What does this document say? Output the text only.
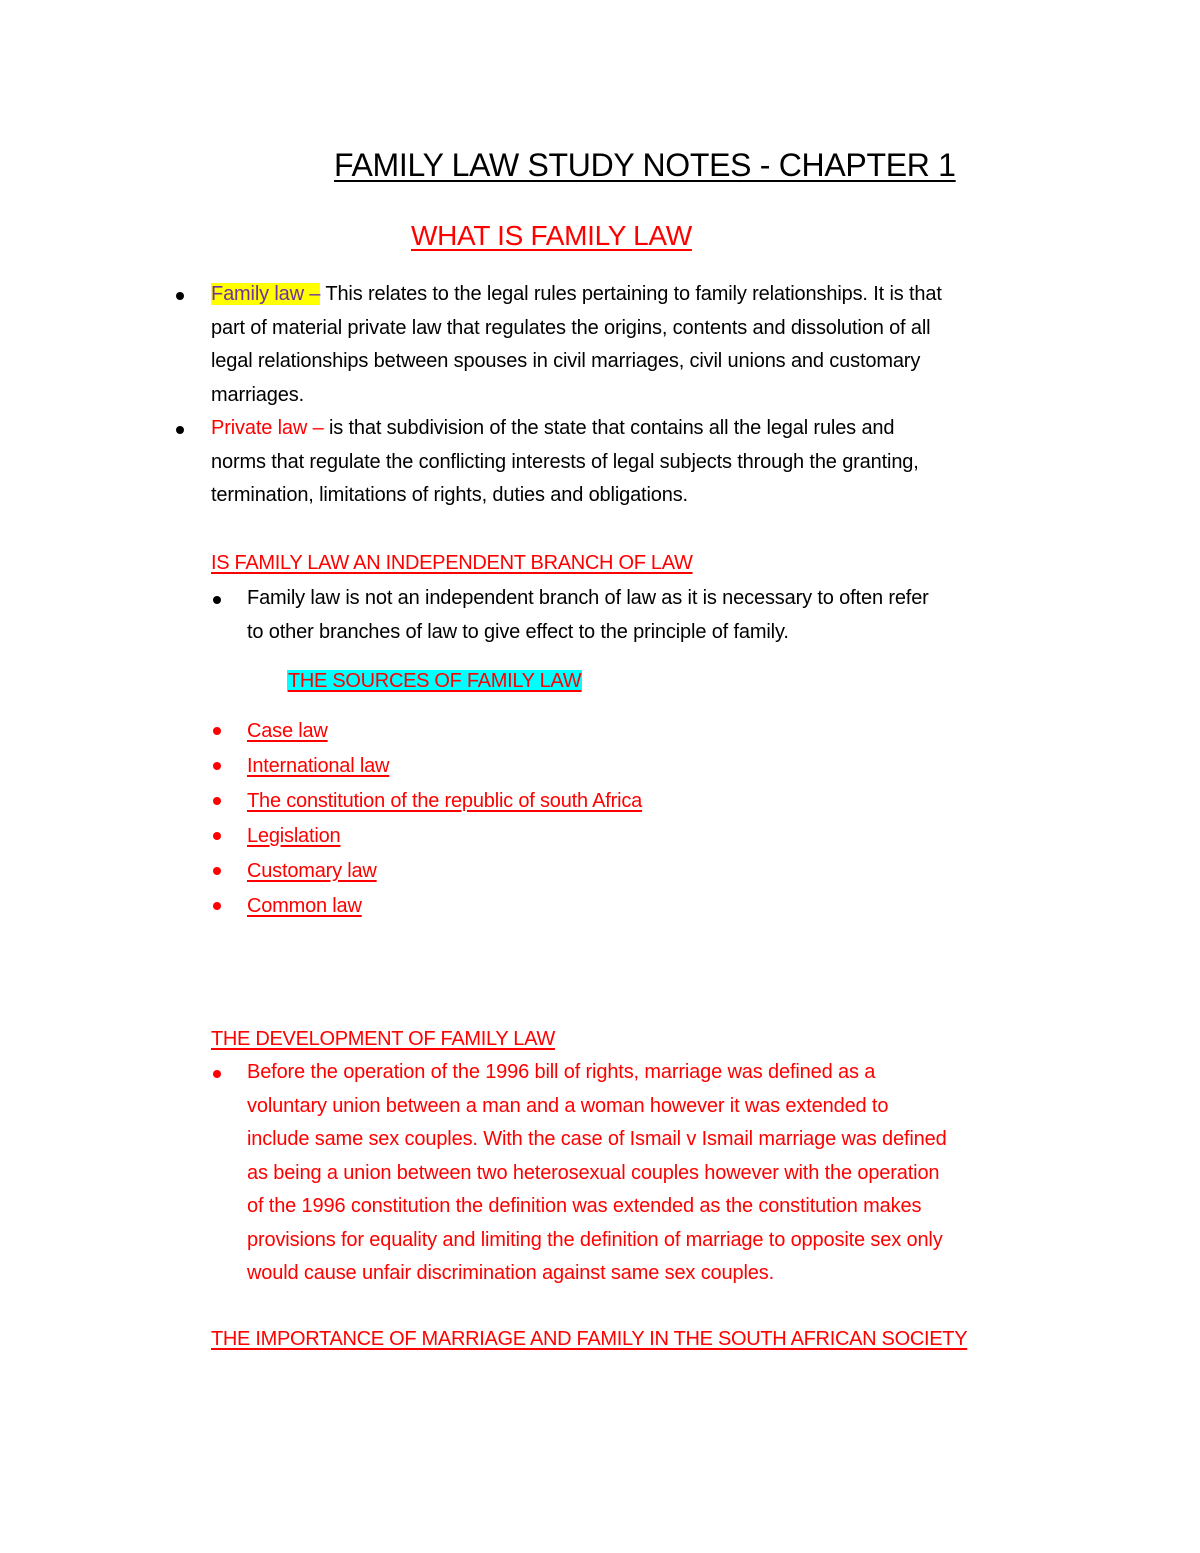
FAMILY LAW STUDY NOTES - CHAPTER 1
WHAT IS FAMILY LAW
Family law – This relates to the legal rules pertaining to family relationships. It is that
part of material private law that regulates the origins, contents and dissolution of all
legal relationships between spouses in civil marriages, civil unions and customary
marriages.
Private law – is that subdivision of the state that contains all the legal rules and
norms that regulate the conflicting interests of legal subjects through the granting,
termination, limitations of rights, duties and obligations.
IS FAMILY LAW AN INDEPENDENT BRANCH OF LAW
Family law is not an independent branch of law as it is necessary to often refer
to other branches of law to give effect to the principle of family.
THE SOURCES OF FAMILY LAW
Case law
International law
The constitution of the republic of south Africa
Legislation
Customary law
Common law
THE DEVELOPMENT OF FAMILY LAW
Before the operation of the 1996 bill of rights, marriage was defined as a
voluntary union between a man and a woman however it was extended to
include same sex couples. With the case of Ismail v Ismail marriage was defined
as being a union between two heterosexual couples however with the operation
of the 1996 constitution the definition was extended as the constitution makes
provisions for equality and limiting the definition of marriage to opposite sex only
would cause unfair discrimination against same sex couples.
THE IMPORTANCE OF MARRIAGE AND FAMILY IN THE SOUTH AFRICAN SOCIETY
